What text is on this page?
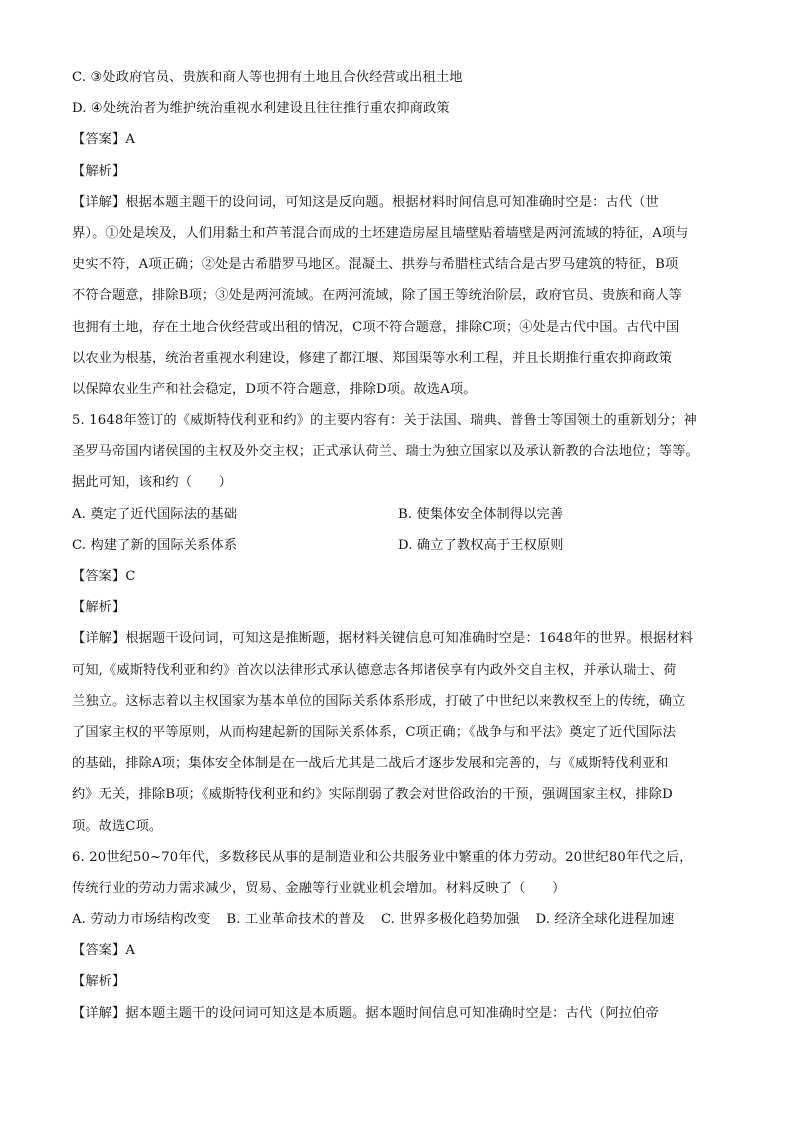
C. ③处政府官员、贵族和商人等也拥有土地且合伙经营或出租土地
D. ④处统治者为维护统治重视水利建设且往往推行重农抑商政策
【答案】A
【解析】
【详解】根据本题主题干的设问词，可知这是反向题。根据材料时间信息可知准确时空是：古代（世
界）。①处是埃及，人们用黏土和芦苇混合而成的土坯建造房屋且墙壁贴着墙壁是两河流域的特征，A项与
史实不符，A项正确；②处是古希腊罗马地区。混凝土、拱券与希腊柱式结合是古罗马建筑的特征，B项
不符合题意，排除B项；③处是两河流域。在两河流域，除了国王等统治阶层，政府官员、贵族和商人等
也拥有土地，存在土地合伙经营或出租的情况，C项不符合题意，排除C项；④处是古代中国。古代中国
以农业为根基，统治者重视水利建设，修建了都江堰、郑国渠等水利工程，并且长期推行重农抑商政策
以保障农业生产和社会稳定，D项不符合题意，排除D项。故选A项。
5. 1648年签订的《威斯特伐利亚和约》的主要内容有：关于法国、瑞典、普鲁士等国领土的重新划分；神
圣罗马帝国内诸侯国的主权及外交主权；正式承认荷兰、瑞士为独立国家以及承认新教的合法地位；等等。
据此可知，该和约（　　）
A. 奠定了近代国际法的基础	B. 使集体安全体制得以完善
C. 构建了新的国际关系体系	D. 确立了教权高于王权原则
【答案】C
【解析】
【详解】根据题干设问词，可知这是推断题，据材料关键信息可知准确时空是：1648年的世界。根据材料
可知,《威斯特伐利亚和约》首次以法律形式承认德意志各邦诸侯享有内政外交自主权，并承认瑞士、荷
兰独立。这标志着以主权国家为基本单位的国际关系体系形成，打破了中世纪以来教权至上的传统，确立
了国家主权的平等原则，从而构建起新的国际关系体系，C项正确；《战争与和平法》奠定了近代国际法
的基础，排除A项；集体安全体制是在一战后尤其是二战后才逐步发展和完善的，与《威斯特伐利亚和
约》无关，排除B项；《威斯特伐利亚和约》实际削弱了教会对世俗政治的干预，强调国家主权，排除D
项。故选C项。
6. 20世纪50~70年代，多数移民从事的是制造业和公共服务业中繁重的体力劳动。20世纪80年代之后，
传统行业的劳动力需求减少，贸易、金融等行业就业机会增加。材料反映了（　　）
A. 劳动力市场结构改变 B. 工业革命技术的普及 C. 世界多极化趋势加强 D. 经济全球化进程加速
【答案】A
【解析】
【详解】据本题主题干的设问词可知这是本质题。据本题时间信息可知准确时空是：古代（阿拉伯帝
